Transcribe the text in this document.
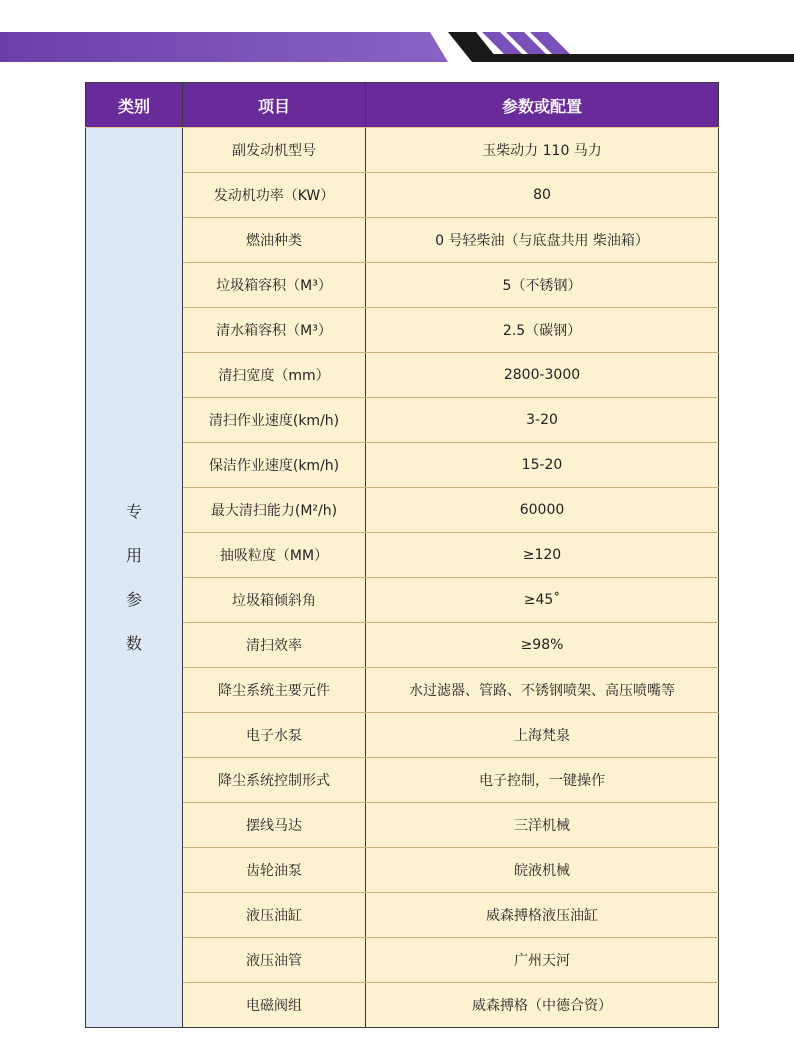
类别	项目	参数或配置

专
用
参
数	副发动机型号	玉柴动力 110 马力
	发动机功率（KW）	80
	燃油种类	0 号轻柴油（与底盘共用 柴油箱）
	垃圾箱容积（M³）	5（不锈钢）
	清水箱容积（M³）	2.5（碳钢）
	清扫宽度（mm）	2800-3000
	清扫作业速度(km/h)	3-20
	保洁作业速度(km/h)	15-20
	最大清扫能力(M²/h)	60000
	抽吸粒度（MM）	≥120
	垃圾箱倾斜角	≥45˚
	清扫效率	≥98%
	降尘系统主要元件	水过滤器、管路、不锈钢喷架、高压喷嘴等
	电子水泵	上海梵泉
	降尘系统控制形式	电子控制，一键操作
	摆线马达	三洋机械
	齿轮油泵	皖液机械
	液压油缸	威森搏格液压油缸
	液压油管	广州天河
	电磁阀组	威森搏格（中德合资）
